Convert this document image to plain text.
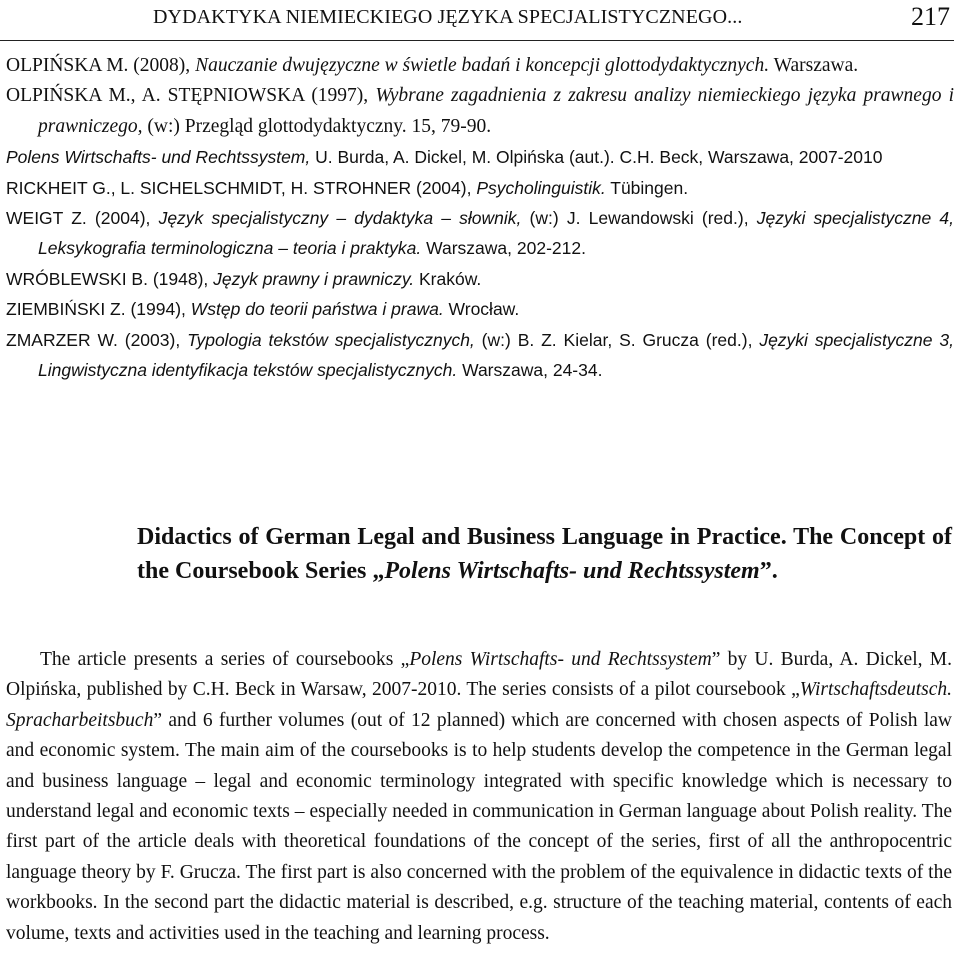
DYDAKTYKA NIEMIECKIEGO JĘZYKA SPECJALISTYCZNEGO...	217

OLPIŃSKA M. (2008), Nauczanie dwujęzyczne w świetle badań i koncepcji glottodydaktycznych. Warszawa.

OLPIŃSKA M., A. STĘPNIOWSKA (1997), Wybrane zagadnienia z zakresu analizy niemieckiego języka prawnego i prawniczego, (w:) Przegląd glottodydaktyczny. 15, 79-90.

Polens Wirtschafts- und Rechtssystem, U. Burda, A. Dickel, M. Olpińska (aut.). C.H. Beck, Warszawa, 2007-2010

RICKHEIT G., L. SICHELSCHMIDT, H. STROHNER (2004), Psycholinguistik. Tübingen.

WEIGT Z. (2004), Język specjalistyczny – dydaktyka – słownik, (w:) J. Lewandowski (red.), Języki specjalistyczne 4, Leksykografia terminologiczna – teoria i praktyka. Warszawa, 202-212.

WRÓBLEWSKI B. (1948), Język prawny i prawniczy. Kraków.

ZIEMBIŃSKI Z. (1994), Wstęp do teorii państwa i prawa. Wrocław.

ZMARZER W. (2003), Typologia tekstów specjalistycznych, (w:) B. Z. Kielar, S. Grucza (red.), Języki specjalistyczne 3, Lingwistyczna identyfikacja tekstów specjalistycznych. Warszawa, 24-34.

Didactics of German Legal and Business Language in Practice. The Concept of the Coursebook Series „Polens Wirtschafts- und Rechtssystem”.

The article presents a series of coursebooks „Polens Wirtschafts- und Rechtssystem” by U. Burda, A. Dickel, M. Olpińska, published by C.H. Beck in Warsaw, 2007-2010. The series consists of a pilot coursebook „Wirtschaftsdeutsch. Spracharbeitsbuch” and 6 further volumes (out of 12 planned) which are concerned with chosen aspects of Polish law and economic system. The main aim of the coursebooks is to help students develop the competence in the German legal and business language – legal and economic terminology integrated with specific knowledge which is necessary to understand legal and economic texts – especially needed in communication in German language about Polish reality. The first part of the article deals with theoretical foundations of the concept of the series, first of all the anthropocentric language theory by F. Grucza. The first part is also concerned with the problem of the equivalence in didactic texts of the workbooks. In the second part the didactic material is described, e.g. structure of the teaching material, contents of each volume, texts and activities used in the teaching and learning process.
